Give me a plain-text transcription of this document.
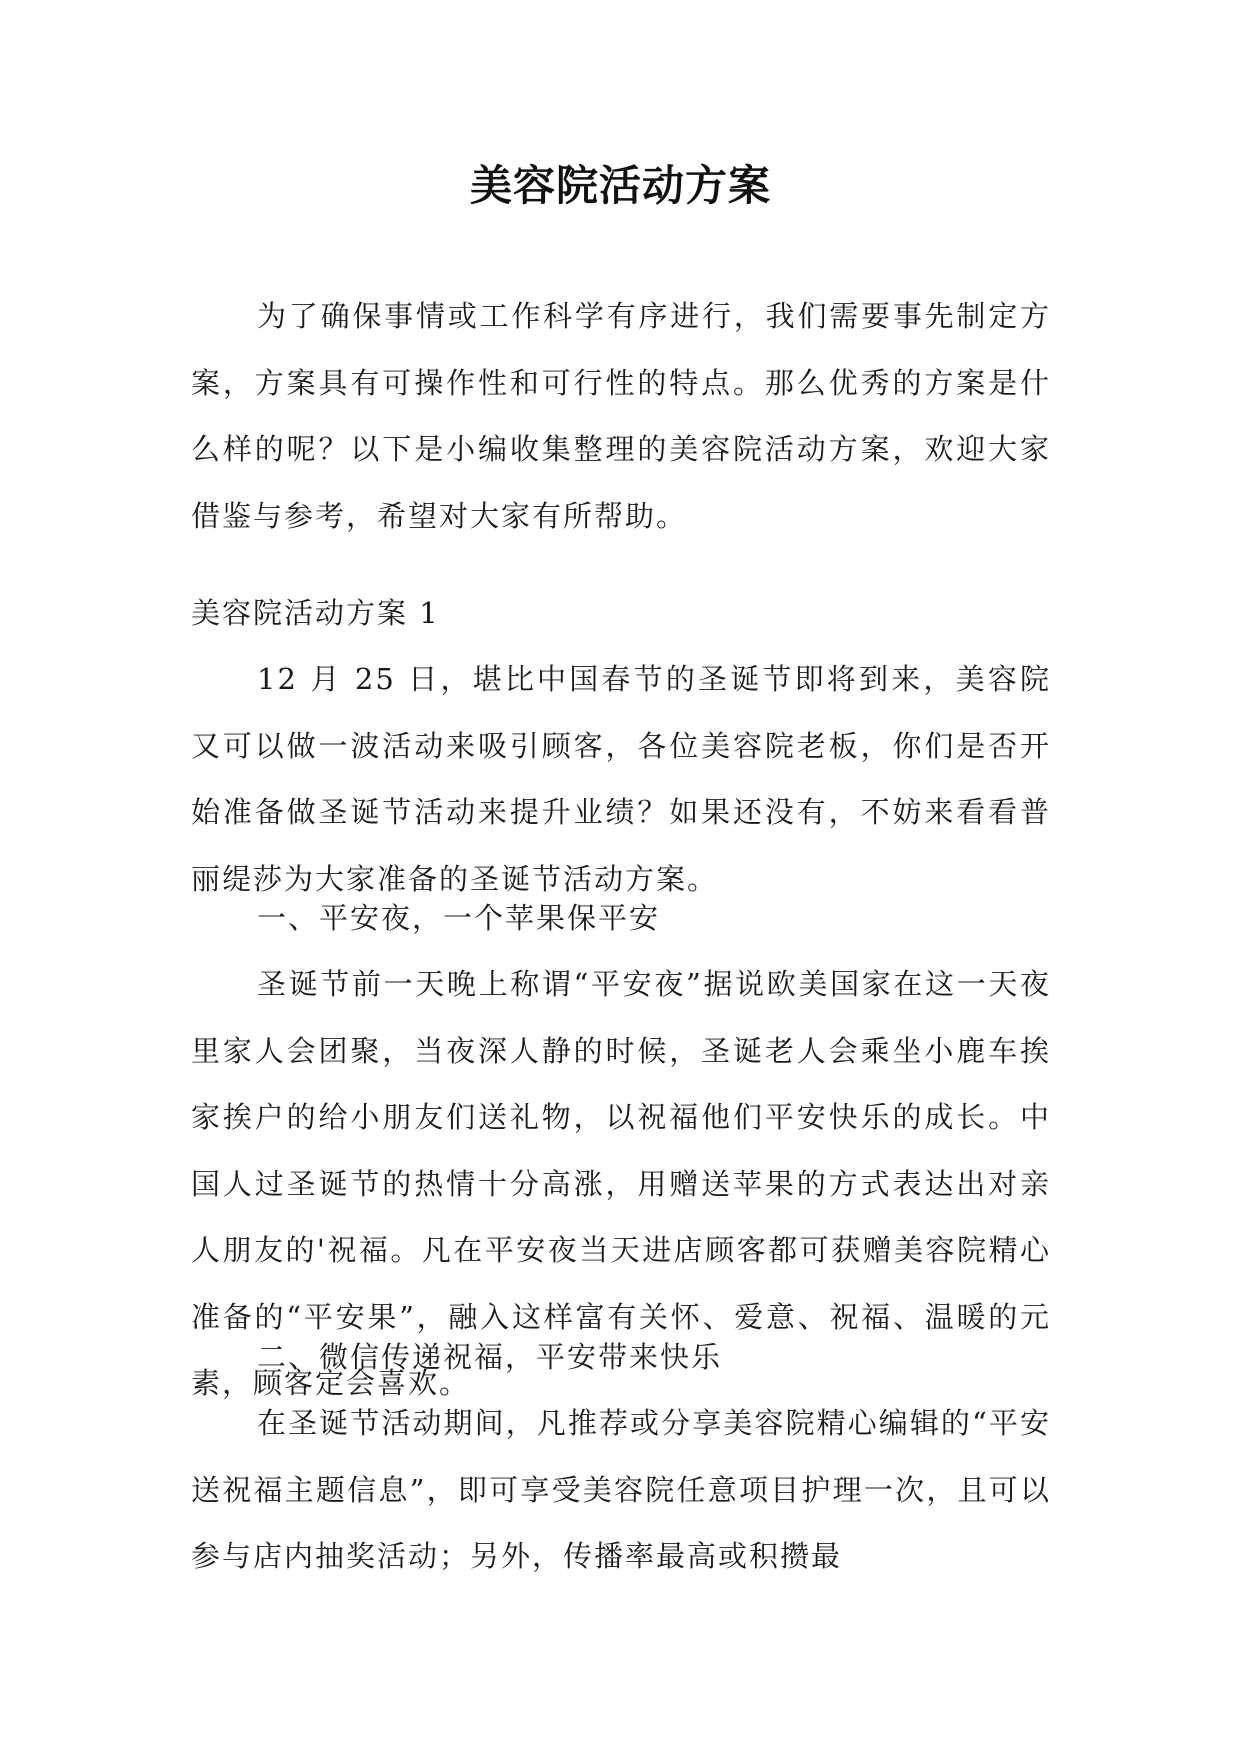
美容院活动方案

为了确保事情或工作科学有序进行，我们需要事先制定方案，方案具有可操作性和可行性的特点。那么优秀的方案是什么样的呢？以下是小编收集整理的美容院活动方案，欢迎大家借鉴与参考，希望对大家有所帮助。

美容院活动方案 1

12 月 25 日，堪比中国春节的圣诞节即将到来，美容院又可以做一波活动来吸引顾客，各位美容院老板，你们是否开始准备做圣诞节活动来提升业绩？如果还没有，不妨来看看普丽缇莎为大家准备的圣诞节活动方案。

一、平安夜，一个苹果保平安

圣诞节前一天晚上称谓“平安夜”据说欧美国家在这一天夜里家人会团聚，当夜深人静的时候，圣诞老人会乘坐小鹿车挨家挨户的给小朋友们送礼物，以祝福他们平安快乐的成长。中国人过圣诞节的热情十分高涨，用赠送苹果的方式表达出对亲人朋友的'祝福。凡在平安夜当天进店顾客都可获赠美容院精心准备的“平安果”，融入这样富有关怀、爱意、祝福、温暖的元素，顾客定会喜欢。

二、微信传递祝福，平安带来快乐

在圣诞节活动期间，凡推荐或分享美容院精心编辑的“平安送祝福主题信息”，即可享受美容院任意项目护理一次，且可以参与店内抽奖活动；另外，传播率最高或积攒最
